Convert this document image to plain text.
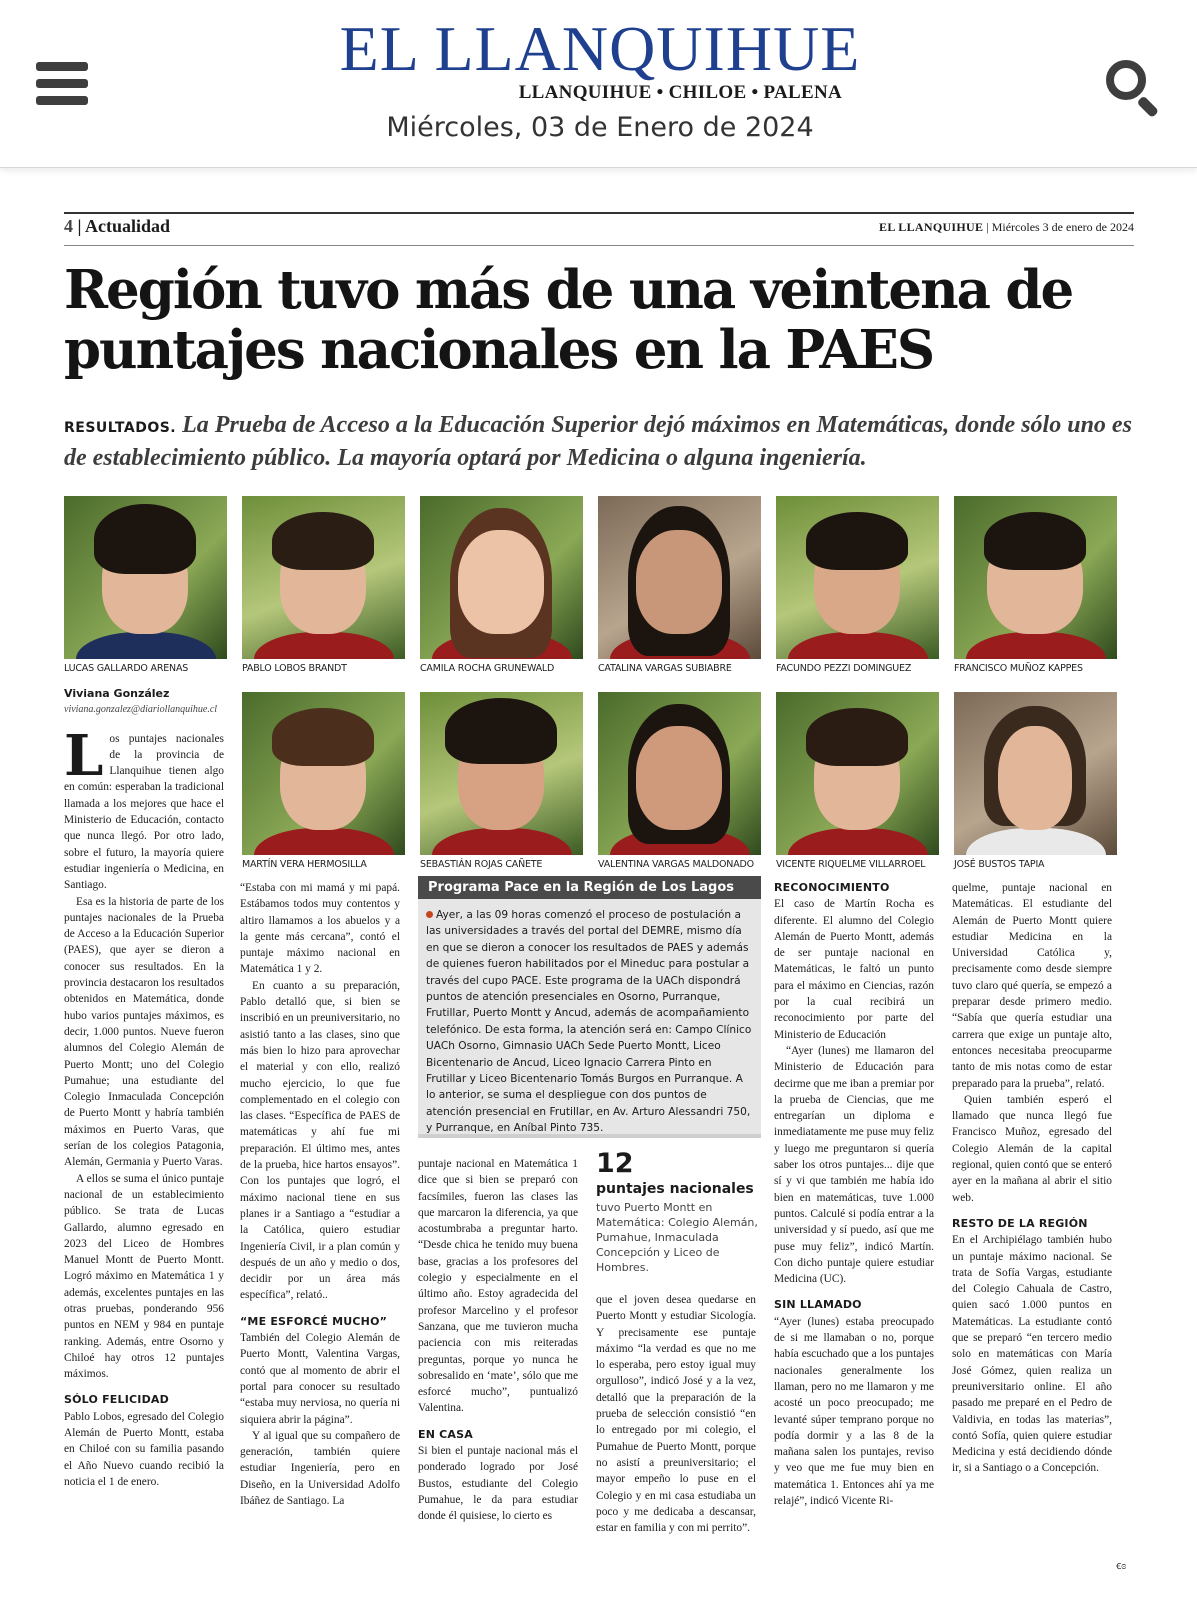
EL LLANQUIHUE
LLANQUIHUE • CHILOE • PALENA
Miércoles, 03 de Enero de 2024
4 | Actualidad	EL LLANQUIHUE | Miércoles 3 de enero de 2024
Región tuvo más de una veintena de puntajes nacionales en la PAES
RESULTADOS. La Prueba de Acceso a la Educación Superior dejó máximos en Matemáticas, donde sólo uno es de establecimiento público. La mayoría optará por Medicina o alguna ingeniería.
LUCAS GALLARDO ARENAS	PABLO LOBOS BRANDT	CAMILA ROCHA GRUNEWALD	CATALINA VARGAS SUBIABRE	FACUNDO PEZZI DOMINGUEZ	FRANCISCO MUÑOZ KAPPES
MARTÍN VERA HERMOSILLA	SEBASTIÁN ROJAS CAÑETE	VALENTINA VARGAS MALDONADO	VICENTE RIQUELME VILLARROEL	JOSÉ BUSTOS TAPIA
Viviana González
viviana.gonzalez@diariollanquihue.cl

Los puntajes nacionales de la provincia de Llanquihue tienen algo en común: esperaban la tradicional llamada a los mejores que hace el Ministerio de Educación, contacto que nunca llegó. Por otro lado, sobre el futuro, la mayoría quiere estudiar ingeniería o Medicina, en Santiago.

Esa es la historia de parte de los puntajes nacionales de la Prueba de Acceso a la Educación Superior (PAES), que ayer se dieron a conocer sus resultados. En la provincia destacaron los resultados obtenidos en Matemática, donde hubo varios puntajes máximos, es decir, 1.000 puntos. Nueve fueron alumnos del Colegio Alemán de Puerto Montt; uno del Colegio Pumahue; una estudiante del Colegio Inmaculada Concepción de Puerto Montt y habría también máximos en Puerto Varas, que serían de los colegios Patagonia, Alemán, Germania y Puerto Varas.

A ellos se suma el único puntaje nacional de un establecimiento público. Se trata de Lucas Gallardo, alumno egresado en 2023 del Liceo de Hombres Manuel Montt de Puerto Montt. Logró máximo en Matemática 1 y además, excelentes puntajes en las otras pruebas, ponderando 956 puntos en NEM y 984 en puntaje ranking. Además, entre Osorno y Chiloé hay otros 12 puntajes máximos.

SÓLO FELICIDAD

Pablo Lobos, egresado del Colegio Alemán de Puerto Montt, estaba en Chiloé con su familia pasando el Año Nuevo cuando recibió la noticia el 1 de enero.

“Estaba con mi mamá y mi papá. Estábamos todos muy contentos y altiro llamamos a los abuelos y a la gente más cercana”, contó el puntaje máximo nacional en Matemática 1 y 2.

En cuanto a su preparación, Pablo detalló que, si bien se inscribió en un preuniversitario, no asistió tanto a las clases, sino que más bien lo hizo para aprovechar el material y con ello, realizó mucho ejercicio, lo que fue complementado en el colegio con las clases. “Específica de PAES de matemáticas y ahí fue mi preparación. El último mes, antes de la prueba, hice hartos ensayos”. Con los puntajes que logró, el máximo nacional tiene en sus planes ir a Santiago a “estudiar a la Católica, quiero estudiar Ingeniería Civil, ir a plan común y después de un año y medio o dos, decidir por un área más específica”, relató..

“ME ESFORCÉ MUCHO”

También del Colegio Alemán de Puerto Montt, Valentina Vargas, contó que al momento de abrir el portal para conocer su resultado “estaba muy nerviosa, no quería ni siquiera abrir la página”.

Y al igual que su compañero de generación, también quiere estudiar Ingeniería, pero en Diseño, en la Universidad Adolfo Ibáñez de Santiago. La

Programa Pace en la Región de Los Lagos
Ayer, a las 09 horas comenzó el proceso de postulación a las universidades a través del portal del DEMRE, mismo día en que se dieron a conocer los resultados de PAES y además de quienes fueron habilitados por el Mineduc para postular a través del cupo PACE. Este programa de la UACh dispondrá puntos de atención presenciales en Osorno, Purranque, Frutillar, Puerto Montt y Ancud, además de acompañamiento telefónico. De esta forma, la atención será en: Campo Clínico UACh Osorno, Gimnasio UACh Sede Puerto Montt, Liceo Bicentenario de Ancud, Liceo Ignacio Carrera Pinto en Frutillar y Liceo Bicentenario Tomás Burgos en Purranque. A lo anterior, se suma el despliegue con dos puntos de atención presencial en Frutillar, en Av. Arturo Alessandri 750, y Purranque, en Aníbal Pinto 735.

puntaje nacional en Matemática 1 dice que si bien se preparó con facsímiles, fueron las clases las que marcaron la diferencia, ya que acostumbraba a preguntar harto. “Desde chica he tenido muy buena base, gracias a los profesores del colegio y especialmente en el último año. Estoy agradecida del profesor Marcelino y el profesor Sanzana, que me tuvieron mucha paciencia con mis reiteradas preguntas, porque yo nunca he sobresalido en ‘mate’, sólo que me esforcé mucho”, puntualizó Valentina.

EN CASA

Si bien el puntaje nacional más el ponderado logrado por José Bustos, estudiante del Colegio Pumahue, le da para estudiar donde él quisiese, lo cierto es

12
puntajes nacionales
tuvo Puerto Montt en Matemática: Colegio Alemán, Pumahue, Inmaculada Concepción y Liceo de Hombres.

que el joven desea quedarse en Puerto Montt y estudiar Sicología. Y precisamente ese puntaje máximo “la verdad es que no me lo esperaba, pero estoy igual muy orgulloso”, indicó José y a la vez, detalló que la preparación de la prueba de selección consistió “en lo entregado por mi colegio, el Pumahue de Puerto Montt, porque no asistí a preuniversitario; el mayor empeño lo puse en el Colegio y en mi casa estudiaba un poco y me dedicaba a descansar, estar en familia y con mi perrito”.

RECONOCIMIENTO

El caso de Martín Rocha es diferente. El alumno del Colegio Alemán de Puerto Montt, además de ser puntaje nacional en Matemáticas, le faltó un punto para el máximo en Ciencias, razón por la cual recibirá un reconocimiento por parte del Ministerio de Educación

“Ayer (lunes) me llamaron del Ministerio de Educación para decirme que me iban a premiar por la prueba de Ciencias, que me entregarían un diploma e inmediatamente me puse muy feliz y luego me preguntaron si quería saber los otros puntajes... dije que sí y vi que también me había ido bien en matemáticas, tuve 1.000 puntos. Calculé si podía entrar a la universidad y sí puedo, así que me puse muy feliz”, indicó Martín. Con dicho puntaje quiere estudiar Medicina (UC).

SIN LLAMADO

“Ayer (lunes) estaba preocupado de si me llamaban o no, porque había escuchado que a los puntajes nacionales generalmente los llaman, pero no me llamaron y me acosté un poco preocupado; me levanté súper temprano porque no podía dormir y a las 8 de la mañana salen los puntajes, reviso y veo que me fue muy bien en matemática 1. Entonces ahí ya me relajé”, indicó Vicente Ri-

quelme, puntaje nacional en Matemáticas. El estudiante del Alemán de Puerto Montt quiere estudiar Medicina en la Universidad Católica y, precisamente como desde siempre tuvo claro qué quería, se empezó a preparar desde primero medio. “Sabía que quería estudiar una carrera que exige un puntaje alto, entonces necesitaba preocuparme tanto de mis notas como de estar preparado para la prueba”, relató.

Quien también esperó el llamado que nunca llegó fue Francisco Muñoz, egresado del Colegio Alemán de la capital regional, quien contó que se enteró ayer en la mañana al abrir el sitio web.

RESTO DE LA REGIÓN

En el Archipiélago también hubo un puntaje máximo nacional. Se trata de Sofía Vargas, estudiante del Colegio Cahuala de Castro, quien sacó 1.000 puntos en Matemáticas. La estudiante contó que se preparó “en tercero medio solo en matemáticas con María José Gómez, quien realiza un preuniversitario online. El año pasado me preparé en el Pedro de Valdivia, en todas las materias”, contó Sofía, quien quiere estudiar Medicina y está decidiendo dónde ir, si a Santiago o a Concepción.

ꞓɞ
